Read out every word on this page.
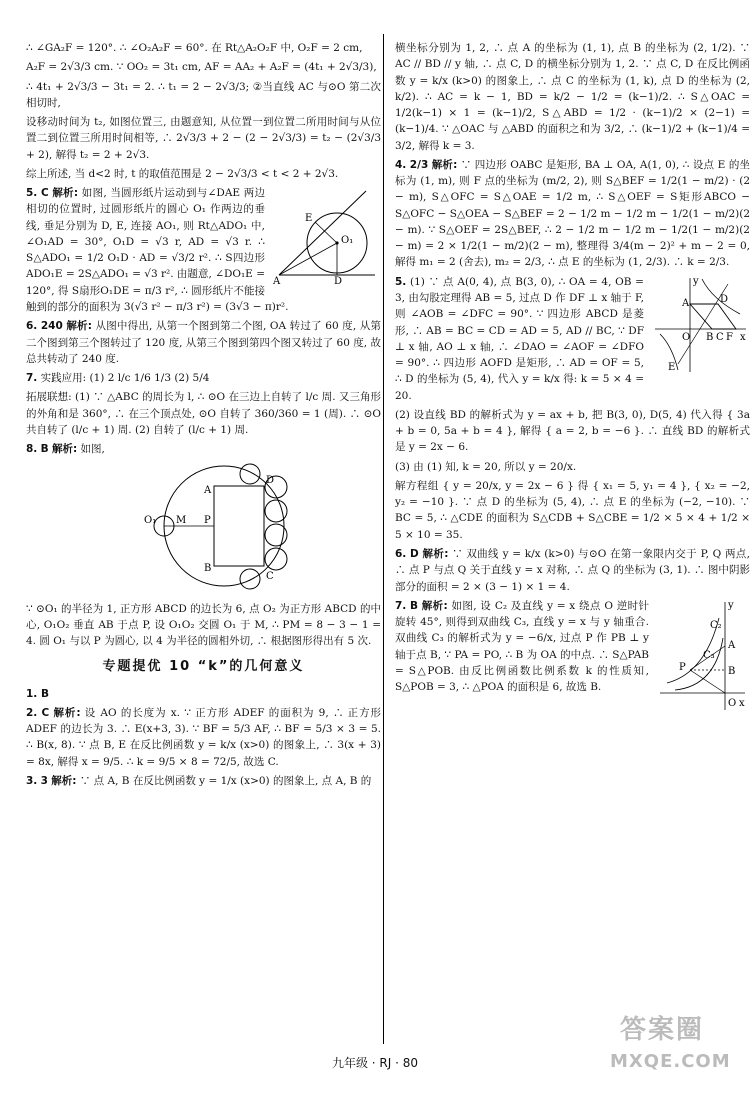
∴ ∠GA₂F = 120°. ∴ ∠O₂A₂F = 60°. 在 Rt△A₂O₂F 中, O₂F = 2 cm,

A₂F = 2√3/3 cm. ∵ OO₂ = 3t₁ cm, AF = AA₂ + A₂F = (4t₁ + 2√3/3),

∴ 4t₁ + 2√3/3 − 3t₁ = 2. ∴ t₁ = 2 − 2√3/3; ②当直线 AC 与⊙O 第二次相切时,

设移动时间为 t₂, 如图位置三, 由题意知, 从位置一到位置二所用时间与从位置二到位置三所用时间相等, ∴ 2√3/3 + 2 − (2 − 2√3/3) = t₂ − (2√3/3 + 2), 解得 t₂ = 2 + 2√3.

综上所述, 当 d<2 时, t 的取值范围是 2 − 2√3/3 < t < 2 + 2√3.

E
O₁
A	D

5. C 解析: 如图, 当圆形纸片运动到与∠DAE 两边相切的位置时, 过圆形纸片的圆心 O₁ 作两边的垂线, 垂足分别为 D, E, 连接 AO₁, 则 Rt△ADO₁ 中, ∠O₁AD = 30°, O₁D = √3 r, AD = √3 r. ∴ S△ADO₁ = 1/2 O₁D · AD = √3/2 r². ∴ S四边形ADO₁E = 2S△ADO₁ = √3 r². 由题意, ∠DO₁E = 120°, 得 S扇形O₁DE = π/3 r², ∴ 圆形纸片不能接触到的部分的面积为 3(√3 r² − π/3 r²) = (3√3 − π)r².

6. 240 解析: 从图中得出, 从第一个图到第二个图, OA 转过了 60 度, 从第二个图到第三个图转过了 120 度, 从第三个图到第四个图又转过了 60 度, 故总共转动了 240 度.

7. 实践应用: (1) 2 l/c 1/6 1/3 (2) 5/4

拓展联想: (1) ∵ △ABC 的周长为 l, ∴ ⊙O 在三边上自转了 l/c 周. 又三角形的外角和是 360°, ∴ 在三个顶点处, ⊙O 自转了 360/360 = 1 (周). ∴ ⊙O 共自转了 (l/c + 1) 周. (2) 自转了 (l/c + 1) 周.

8. B 解析: 如图,

A
B
C
D
P
M
O₁

∵ ⊙O₁ 的半径为 1, 正方形 ABCD 的边长为 6, 点 O₂ 为正方形 ABCD 的中心, O₁O₂ 垂直 AB 于点 P, 设 O₁O₂ 交圆 O₁ 于 M, ∴ PM = 8 − 3 − 1 = 4. 圆 O₁ 与以 P 为圆心, 以 4 为半径的圆相外切, ∴ 根据图形得出有 5 次.

专题提优 10 “k”的几何意义

1. B

2. C 解析: 设 AO 的长度为 x. ∵ 正方形 ADEF 的面积为 9, ∴ 正方形 ADEF 的边长为 3. ∴ E(x+3, 3). ∵ BF = 5/3 AF, ∴ BF = 5/3 × 3 = 5. ∴ B(x, 8). ∵ 点 B, E 在反比例函数 y = k/x (x>0) 的图象上, ∴ 3(x + 3) = 8x, 解得 x = 9/5. ∴ k = 9/5 × 8 = 72/5, 故选 C.

3. 3 解析: ∵ 点 A, B 在反比例函数 y = 1/x (x>0) 的图象上, 点 A, B 的

横坐标分别为 1, 2, ∴ 点 A 的坐标为 (1, 1), 点 B 的坐标为 (2, 1/2). ∵ AC // BD // y 轴, ∴ 点 C, D 的横坐标分别为 1, 2. ∵ 点 C, D 在反比例函数 y = k/x (k>0) 的图象上, ∴ 点 C 的坐标为 (1, k), 点 D 的坐标为 (2, k/2). ∴ AC = k − 1, BD = k/2 − 1/2 = (k−1)/2. ∴ S△OAC = 1/2(k−1) × 1 = (k−1)/2, S△ABD = 1/2 · (k−1)/2 × (2−1) = (k−1)/4. ∵ △OAC 与 △ABD 的面积之和为 3/2, ∴ (k−1)/2 + (k−1)/4 = 3/2, 解得 k = 3.

4. 2/3 解析: ∵ 四边形 OABC 是矩形, BA ⊥ OA, A(1, 0), ∴ 设点 E 的坐标为 (1, m), 则 F 点的坐标为 (m/2, 2), 则 S△BEF = 1/2(1 − m/2) · (2 − m), S△OFC = S△OAE = 1/2 m, ∴ S△OEF = S矩形ABCO − S△OFC − S△OEA − S△BEF = 2 − 1/2 m − 1/2 m − 1/2(1 − m/2)(2 − m). ∵ S△OEF = 2S△BEF, ∴ 2 − 1/2 m − 1/2 m − 1/2(1 − m/2)(2 − m) = 2 × 1/2(1 − m/2)(2 − m), 整理得 3/4(m − 2)² + m − 2 = 0, 解得 m₁ = 2 (舍去), m₂ = 2/3, ∴ 点 E 的坐标为 (1, 2/3). ∴ k = 2/3.

y
A	D
O B C F x
E

5. (1) ∵ 点 A(0, 4), 点 B(3, 0), ∴ OA = 4, OB = 3, 由勾股定理得 AB = 5, 过点 D 作 DF ⊥ x 轴于 F, 则 ∠AOB = ∠DFC = 90°. ∵ 四边形 ABCD 是菱形, ∴ AB = BC = CD = AD = 5, AD // BC, ∵ DF ⊥ x 轴, AO ⊥ x 轴, ∴ ∠DAO = ∠AOF = ∠DFO = 90°. ∴ 四边形 AOFD 是矩形, ∴ AD = OF = 5, ∴ D 的坐标为 (5, 4), 代入 y = k/x 得: k = 5 × 4 = 20.

(2) 设直线 BD 的解析式为 y = ax + b, 把 B(3, 0), D(5, 4) 代入得 { 3a + b = 0, 5a + b = 4 }, 解得 { a = 2, b = −6 }. ∴ 直线 BD 的解析式是 y = 2x − 6.

(3) 由 (1) 知, k = 20, 所以 y = 20/x.

解方程组 { y = 20/x, y = 2x − 6 } 得 { x₁ = 5, y₁ = 4 }, { x₂ = −2, y₂ = −10 }. ∵ 点 D 的坐标为 (5, 4), ∴ 点 E 的坐标为 (−2, −10). ∵ BC = 5, ∴ △CDE 的面积为 S△CDB + S△CBE = 1/2 × 5 × 4 + 1/2 × 5 × 10 = 35.

6. D 解析: ∵ 双曲线 y = k/x (k>0) 与⊙O 在第一象限内交于 P, Q 两点, ∴ 点 P 与点 Q 关于直线 y = x 对称, ∴ 点 Q 的坐标为 (3, 1). ∴ 图中阴影部分的面积 = 2 × (3 − 1) × 1 = 4.

y
C₂
C₃
A
P	B
O x

7. B 解析: 如图, 设 C₂ 及直线 y = x 绕点 O 逆时针旋转 45°, 则得到双曲线 C₃, 直线 y = x 与 y 轴重合. 双曲线 C₃ 的解析式为 y = −6/x, 过点 P 作 PB ⊥ y 轴于点 B, ∵ PA = PO, ∴ B 为 OA 的中点. ∴ S△PAB = S△POB. 由反比例函数比例系数 k 的性质知, S△POB = 3, ∴ △POA 的面积是 6, 故选 B.

九年级 · RJ · 80
答案圈
MXQE.COM
